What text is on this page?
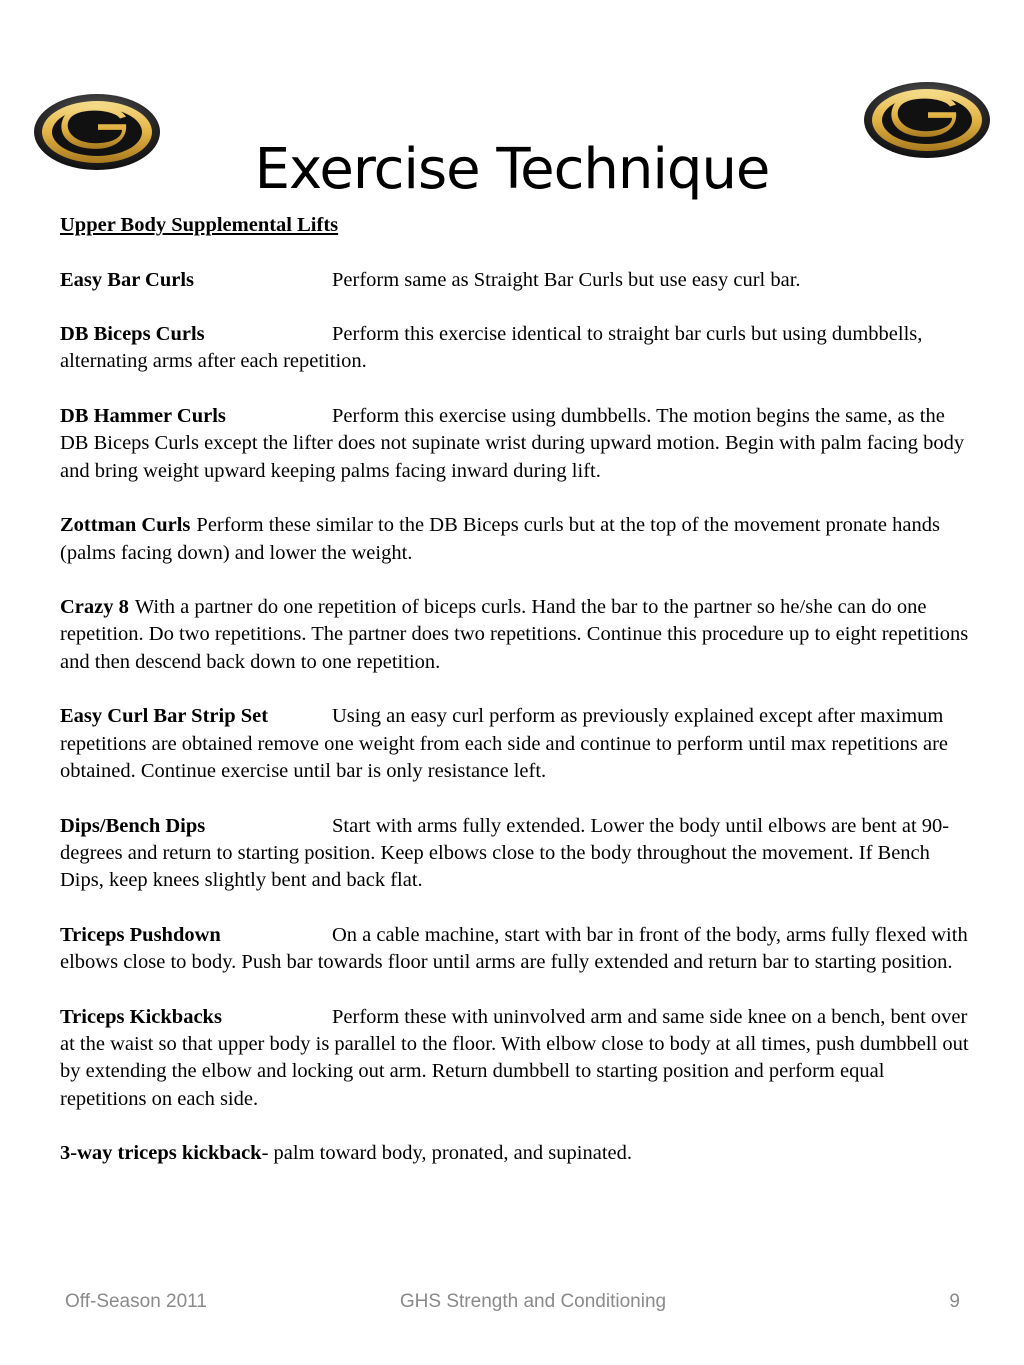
Exercise Technique
Upper Body Supplemental Lifts
Easy Bar Curls	Perform same as Straight Bar Curls but use easy curl bar.
DB Biceps Curls	Perform this exercise identical to straight bar curls but using dumbbells, alternating arms after each repetition.
DB Hammer Curls	Perform this exercise using dumbbells. The motion begins the same, as the DB Biceps Curls except the lifter does not supinate wrist during upward motion. Begin with palm facing body and bring weight upward keeping palms facing inward during lift.
Zottman Curls Perform these similar to the DB Biceps curls but at the top of the movement pronate hands (palms facing down) and lower the weight.
Crazy 8 With a partner do one repetition of biceps curls. Hand the bar to the partner so he/she can do one repetition. Do two repetitions. The partner does two repetitions. Continue this procedure up to eight repetitions and then descend back down to one repetition.
Easy Curl Bar Strip Set	Using an easy curl perform as previously explained except after maximum repetitions are obtained remove one weight from each side and continue to perform until max repetitions are obtained. Continue exercise until bar is only resistance left.
Dips/Bench Dips	Start with arms fully extended. Lower the body until elbows are bent at 90-degrees and return to starting position. Keep elbows close to the body throughout the movement. If Bench Dips, keep knees slightly bent and back flat.
Triceps Pushdown	On a cable machine, start with bar in front of the body, arms fully flexed with elbows close to body. Push bar towards floor until arms are fully extended and return bar to starting position.
Triceps Kickbacks	Perform these with uninvolved arm and same side knee on a bench, bent over at the waist so that upper body is parallel to the floor. With elbow close to body at all times, push dumbbell out by extending the elbow and locking out arm. Return dumbbell to starting position and perform equal repetitions on each side.
3-way triceps kickback- palm toward body, pronated, and supinated.
Off-Season 2011	GHS Strength and Conditioning	9
